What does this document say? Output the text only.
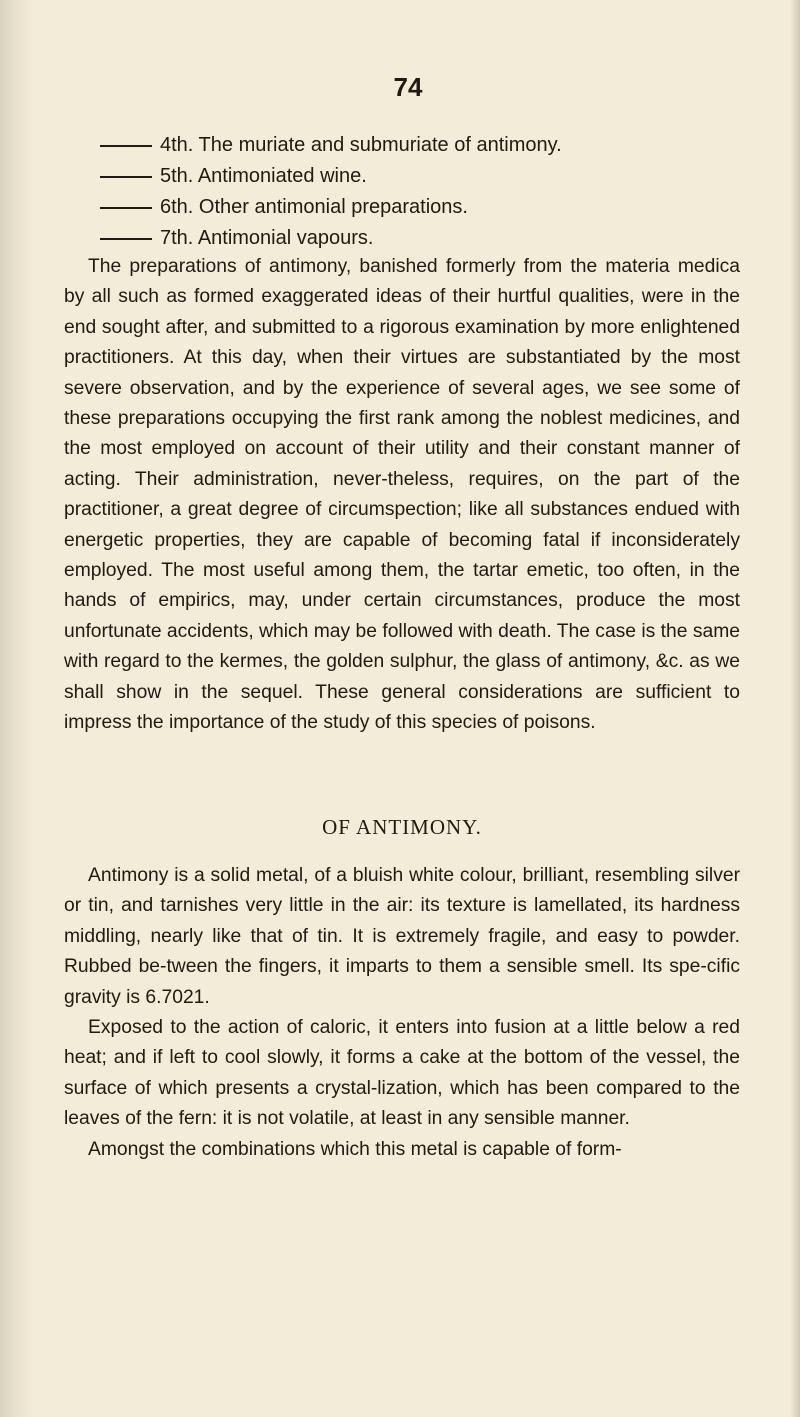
74
4th. The muriate and submuriate of antimony.
5th. Antimoniated wine.
6th. Other antimonial preparations.
7th. Antimonial vapours.

The preparations of antimony, banished formerly from the materia medica by all such as formed exaggerated ideas of their hurtful qualities, were in the end sought after, and submitted to a rigorous examination by more enlightened practitioners. At this day, when their virtues are substantiated by the most severe observation, and by the experience of several ages, we see some of these preparations occupying the first rank among the noblest medicines, and the most employed on account of their utility and their constant manner of acting. Their administration, never-theless, requires, on the part of the practitioner, a great degree of circumspection; like all substances endued with energetic properties, they are capable of becoming fatal if inconsiderately employed. The most useful among them, the tartar emetic, too often, in the hands of empirics, may, under certain circumstances, produce the most unfortunate accidents, which may be followed with death. The case is the same with regard to the kermes, the golden sulphur, the glass of antimony, &c. as we shall show in the sequel. These general considerations are sufficient to impress the importance of the study of this species of poisons.

OF ANTIMONY.

Antimony is a solid metal, of a bluish white colour, brilliant, resembling silver or tin, and tarnishes very little in the air: its texture is lamellated, its hardness middling, nearly like that of tin. It is extremely fragile, and easy to powder. Rubbed be-tween the fingers, it imparts to them a sensible smell. Its spe-cific gravity is 6.7021.

Exposed to the action of caloric, it enters into fusion at a little below a red heat; and if left to cool slowly, it forms a cake at the bottom of the vessel, the surface of which presents a crystal-lization, which has been compared to the leaves of the fern: it is not volatile, at least in any sensible manner.

Amongst the combinations which this metal is capable of form-
